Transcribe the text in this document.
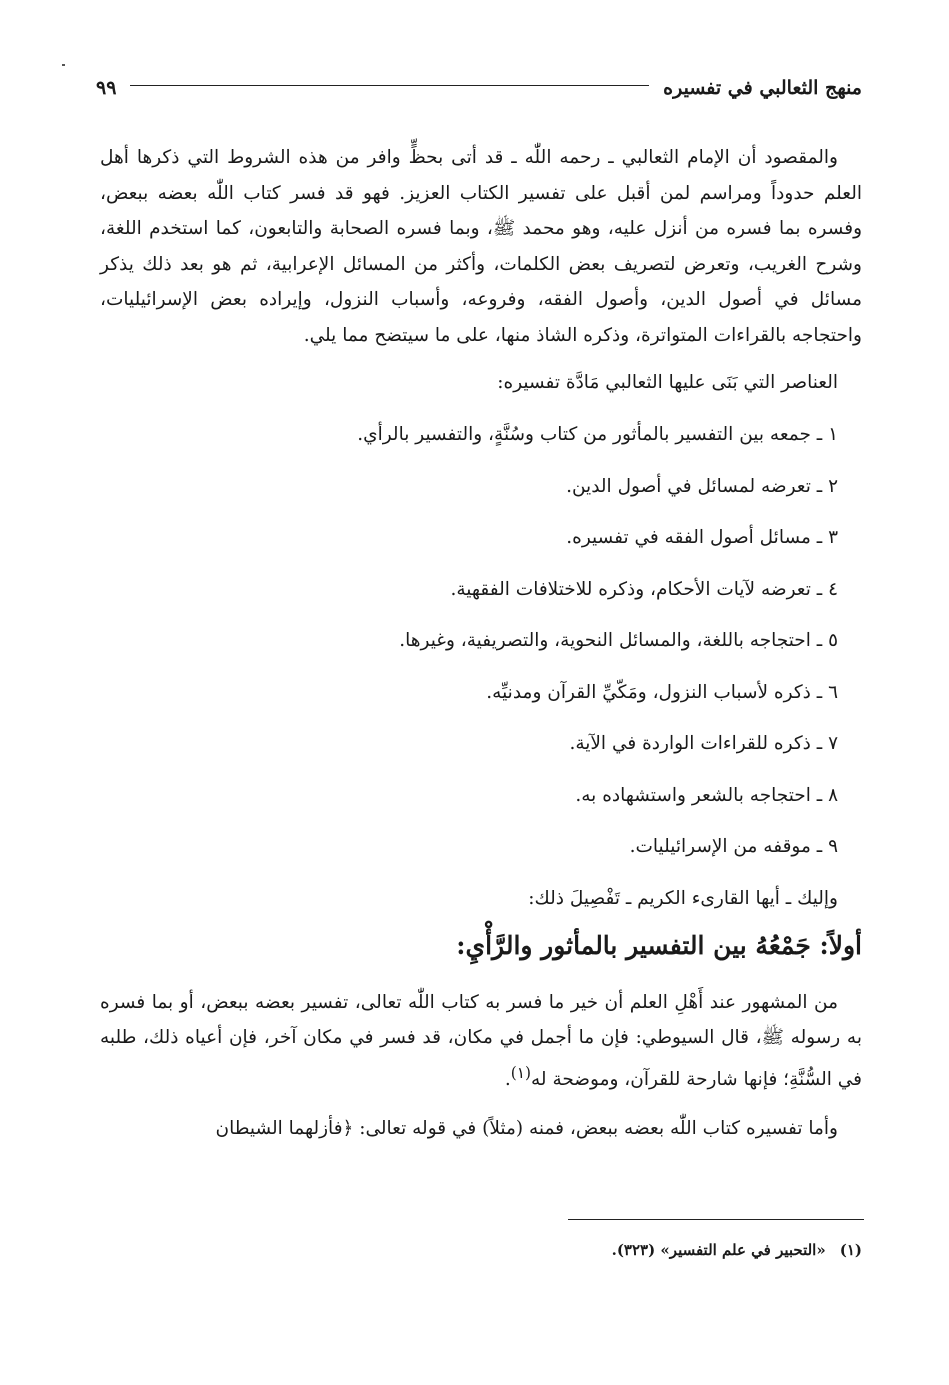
منهج الثعالبي في تفسيره
٩٩

والمقصود أن الإمام الثعالبي ـ رحمه اللّٰه ـ قد أتى بحظٍّ وافر من هذه الشروط التي ذكرها أهل العلم حدوداً ومراسم لمن أقبل على تفسير الكتاب العزيز. فهو قد فسر كتاب اللّٰه بعضه ببعض، وفسره بما فسره من أنزل عليه، وهو محمد ﷺ، وبما فسره الصحابة والتابعون، كما استخدم اللغة، وشرح الغريب، وتعرض لتصريف بعض الكلمات، وأكثر من المسائل الإعرابية، ثم هو بعد ذلك يذكر مسائل في أصول الدين، وأصول الفقه، وفروعه، وأسباب النزول، وإيراده بعض الإسرائيليات، واحتجاجه بالقراءات المتواترة، وذكره الشاذ منها، على ما سيتضح مما يلي.

العناصر التي بَنَى عليها الثعالبي مَادَّة تفسيره:

١ ـ جمعه بين التفسير بالمأثور من كتاب وسُنَّةٍ، والتفسير بالرأي.

٢ ـ تعرضه لمسائل في أصول الدين.

٣ ـ مسائل أصول الفقه في تفسيره.

٤ ـ تعرضه لآيات الأحكام، وذكره للاختلافات الفقهية.

٥ ـ احتجاجه باللغة، والمسائل النحوية، والتصريفية، وغيرها.

٦ ـ ذكره لأسباب النزول، ومَكّيِّ القرآن ومدنيِّه.

٧ ـ ذكره للقراءات الواردة في الآية.

٨ ـ احتجاجه بالشعر واستشهاده به.

٩ ـ موقفه من الإسرائيليات.

وإليك ـ أيها القارىء الكريم ـ تَفْصِيلَ ذلك:

أولاً: جَمْعُهُ بين التفسير بالمأثور والرَّأْيِ:

من المشهور عند أَهْلِ العلم أن خير ما فسر به كتاب اللّٰه تعالى، تفسير بعضه ببعض، أو بما فسره به رسوله ﷺ، قال السيوطي: فإن ما أجمل في مكان، قد فسر في مكان آخر، فإن أعياه ذلك، طلبه في السُّنَّةِ؛ فإنها شارحة للقرآن، وموضحة له$^{(١)}$.

وأما تفسيره كتاب اللّٰه بعضه ببعض، فمنه (مثلاً) في قوله تعالى: ﴿فأزلهما الشيطان

(١)«التحبير في علم التفسير» (٣٢٣).
